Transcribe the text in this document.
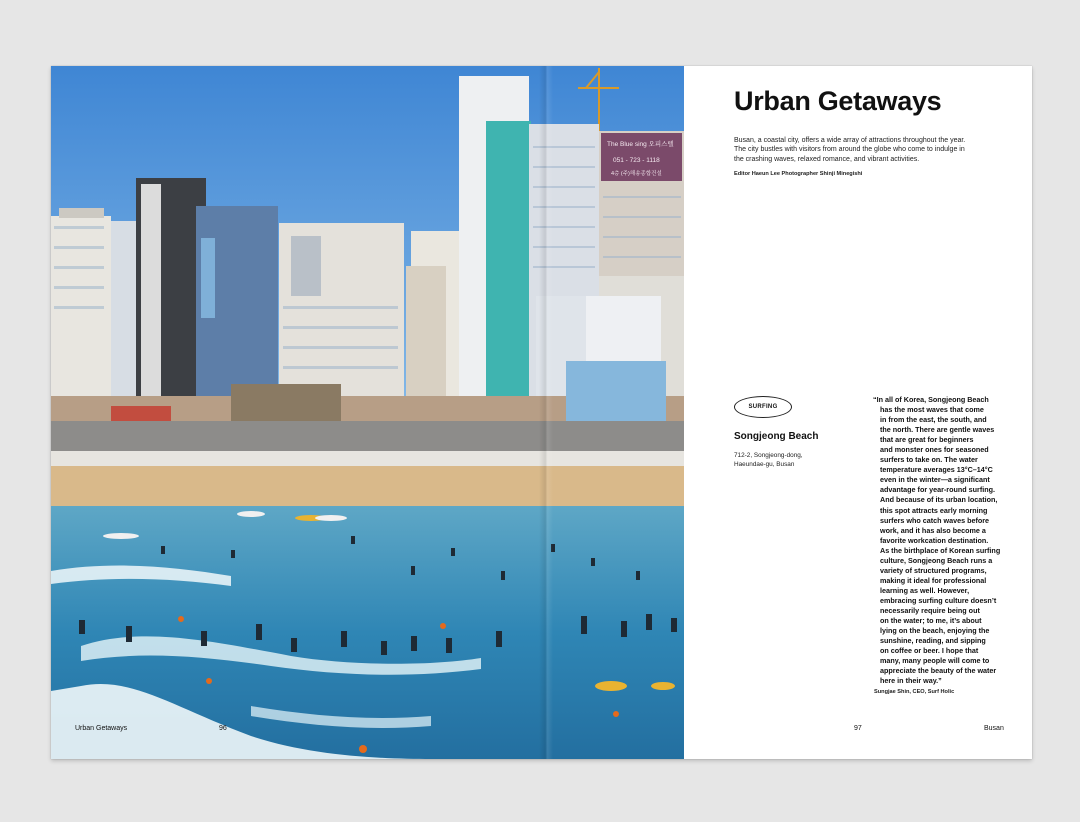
The Blue sing 오피스텔
051 - 723 - 1118
4층 (주)해송종합건설
Urban Getaways	96
Urban Getaways
Busan, a coastal city, offers a wide array of attractions throughout the year.
The city bustles with visitors from around the globe who come to indulge in
the crashing waves, relaxed romance, and vibrant activities.
Editor Haeun Lee Photographer Shinji Minegishi
SURFING
Songjeong Beach
712-2, Songjeong-dong,
Haeundae-gu, Busan

“In all of Korea, Songjeong Beach
has the most waves that come
in from the east, the south, and
the north. There are gentle waves
that are great for beginners
and monster ones for seasoned
surfers to take on. The water
temperature averages 13°C–14°C
even in the winter—a significant
advantage for year-round surfing.
And because of its urban location,
this spot attracts early morning
surfers who catch waves before
work, and it has also become a
favorite workcation destination.
As the birthplace of Korean surfing
culture, Songjeong Beach runs a
variety of structured programs,
making it ideal for professional
learning as well. However,
embracing surfing culture doesn’t
necessarily require being out
on the water; to me, it’s about
lying on the beach, enjoying the
sunshine, reading, and sipping
on coffee or beer. I hope that
many, many people will come to
appreciate the beauty of the water
here in their way.”

Sungjae Shin, CEO, Surf Holic
97	Busan
